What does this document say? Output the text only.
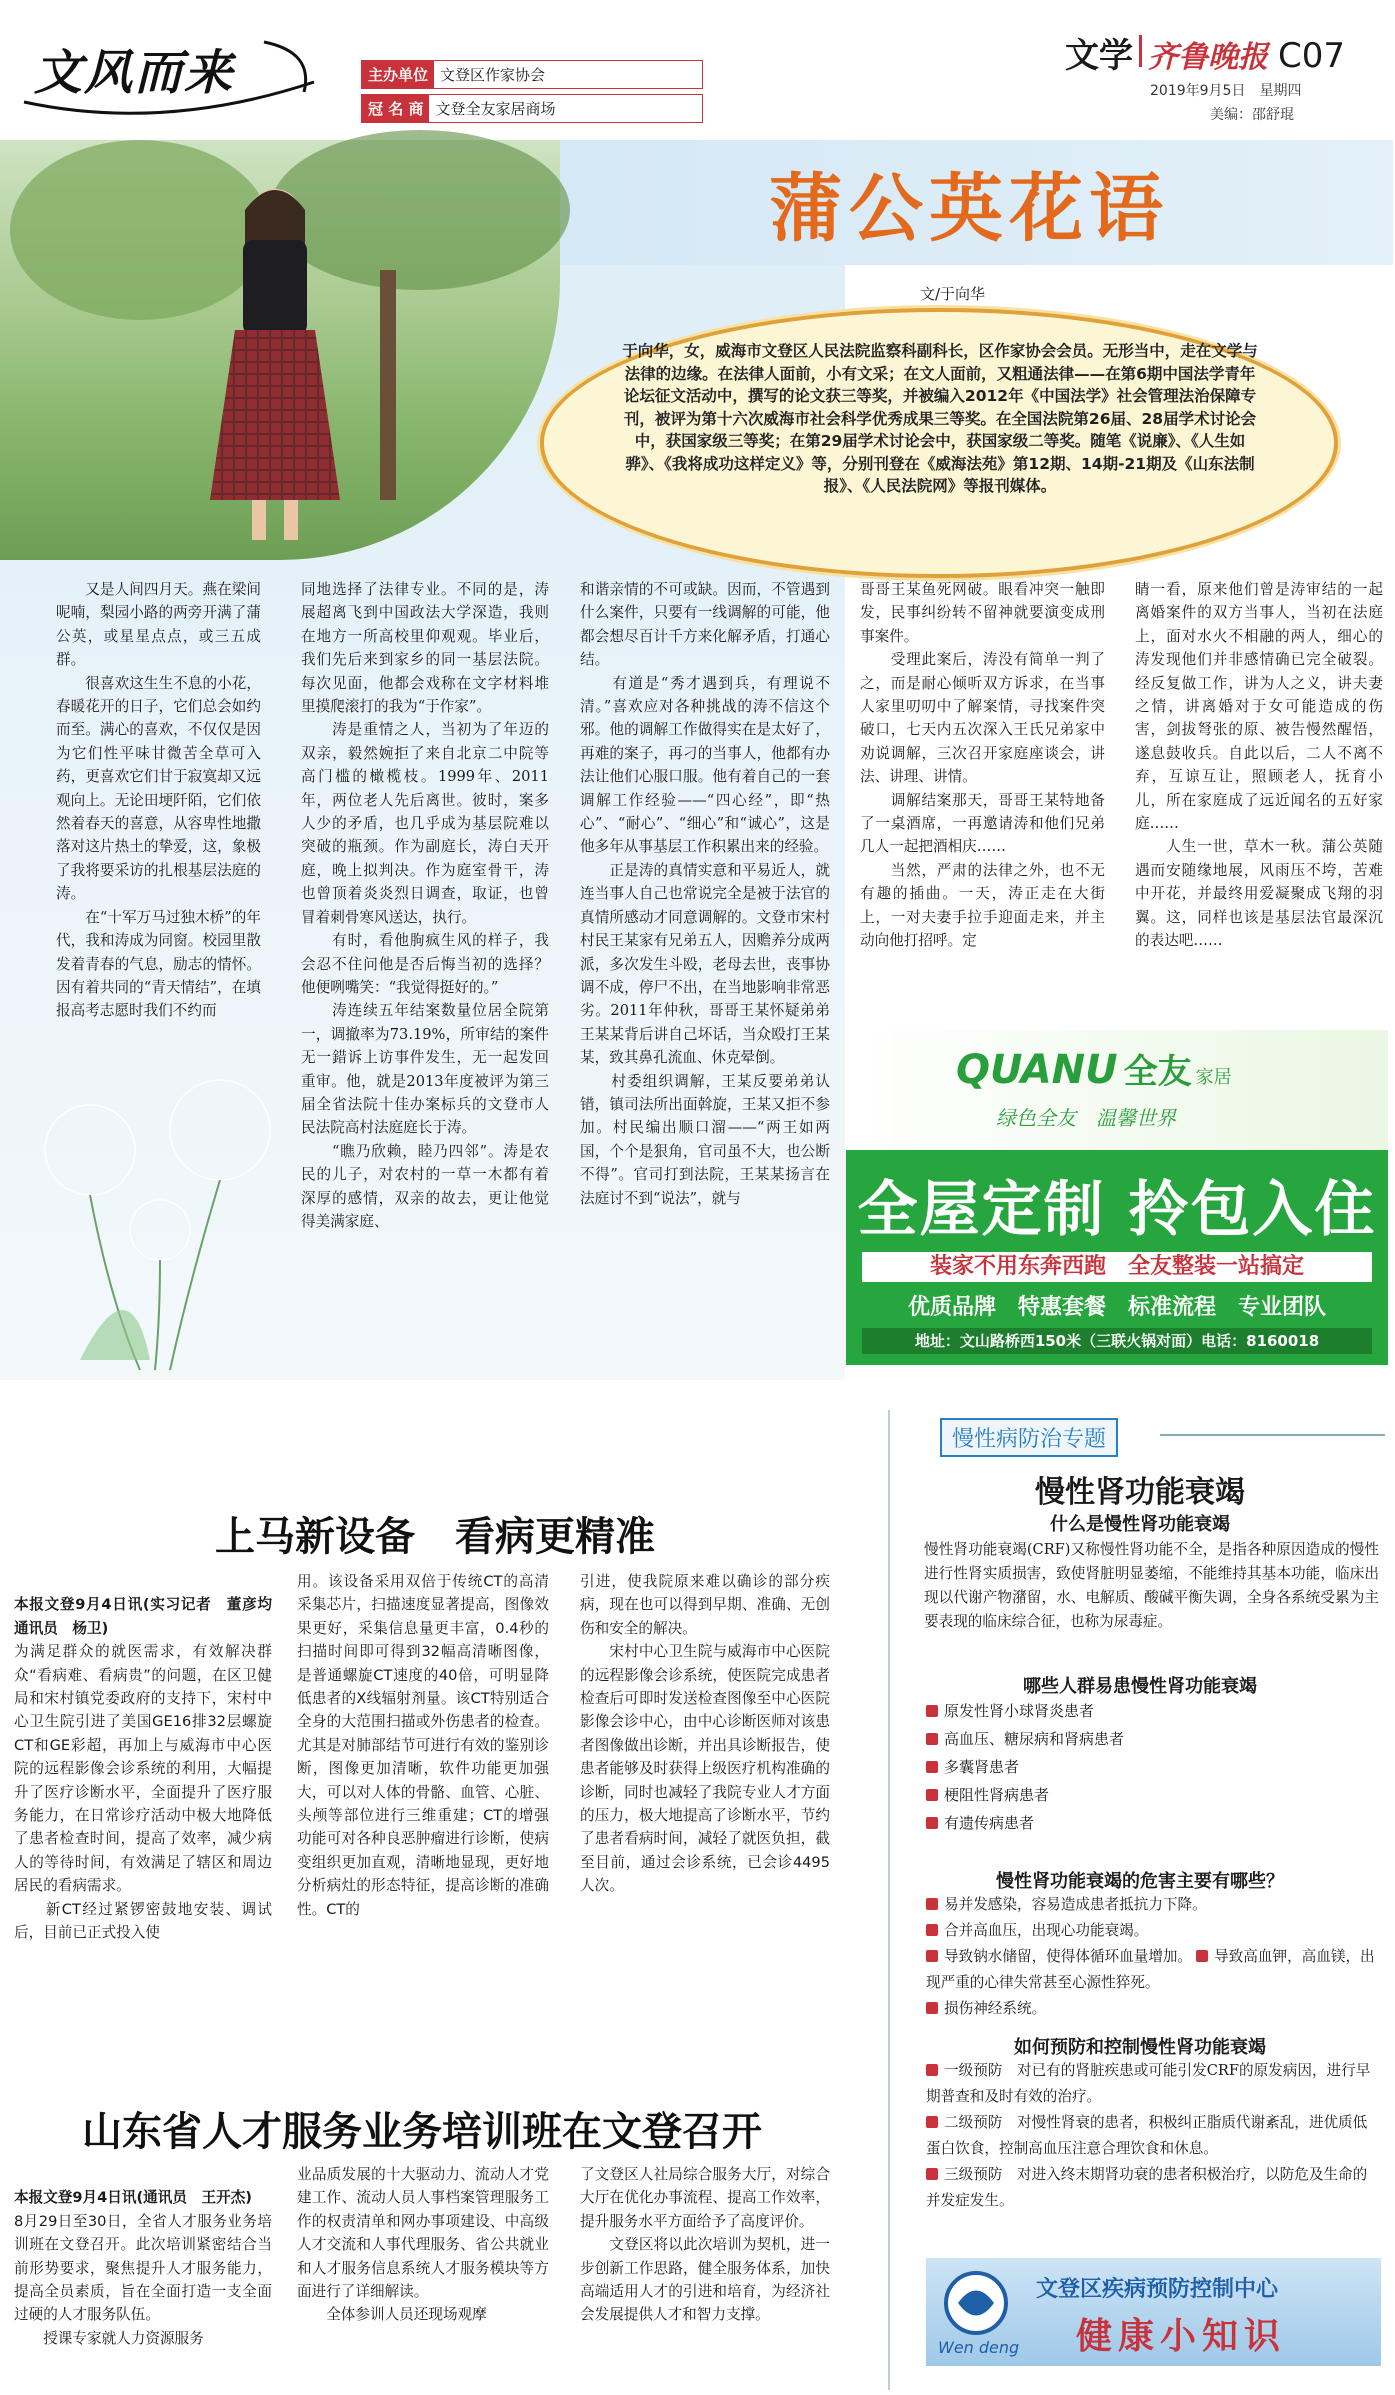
文风而来	主办单位 文登区作家协会
冠 名 商 文登全友家居商场
文学 齐鲁晚报 C07
2019年9月5日　星期四
美编：邵舒琨
蒲公英花语
文/于向华
于向华，女，威海市文登区人民法院监察科副科长，区作家协会会员。无形当中，走在文学与法律的边缘。在法律人面前，小有文采；在文人面前，又粗通法律——在第6期中国法学青年论坛征文活动中，撰写的论文获三等奖，并被编入2012年《中国法学》社会管理法治保障专刊，被评为第十六次威海市社会科学优秀成果三等奖。在全国法院第26届、28届学术讨论会中，获国家级三等奖；在第29届学术讨论会中，获国家级二等奖。随笔《说廉》、《人生如骅》、《我将成功这样定义》等，分别刊登在《威海法苑》第12期、14期-21期及《山东法制报》、《人民法院网》等报刊媒体。
　　又是人间四月天。燕在梁间呢喃，梨园小路的两旁开满了蒲公英，或星星点点，或三五成群。
　　很喜欢这生生不息的小花，春暖花开的日子，它们总会如约而至。满心的喜欢，不仅仅是因为它们性平味甘微苦全草可入药，更喜欢它们甘于寂寞却又远观向上。无论田埂阡陌，它们依然着春天的喜意，从容卑性地撒落对这片热土的挚爱，这，象极了我将要采访的扎根基层法庭的涛。
　　在“十军万马过独木桥”的年代，我和涛成为同窗。校园里散发着青春的气息，励志的情怀。因有着共同的“青天情结”，在填报高考志愿时我们不约而
同地选择了法律专业。不同的是，涛展超离飞到中国政法大学深造，我则在地方一所高校里仰观观。毕业后，我们先后来到家乡的同一基层法院。每次见面，他都会戏称在文字材料堆里摸爬滚打的我为“于作家”。
　　涛是重情之人，当初为了年迈的双亲，毅然婉拒了来自北京二中院等高门槛的橄榄枝。1999年、2011年，两位老人先后离世。彼时，案多人少的矛盾，也几乎成为基层院难以突破的瓶颈。作为副庭长，涛白天开庭，晚上拟判决。作为庭室骨干，涛也曾顶着炎炎烈日调查，取证，也曾冒着刺骨寒风送达，执行。
　　有时，看他朐疯生风的样子，我会忍不住问他是否后悔当初的选择？他便咧嘴笑：“我觉得挺好的。”
　　涛连续五年结案数量位居全院第一，调撤率为73.19%，所审结的案件无一錯诉上访事件发生，无一起发回重审。他，就是2013年度被评为第三届全省法院十佳办案标兵的文登市人民法院高村法庭庭长于涛。
　　“瞧乃欣赖，睦乃四邻”。涛是农民的儿子，对农村的一草一木都有着深厚的感情，双亲的故去，更让他觉得美满家庭、
和谐亲情的不可或缺。因而，不管遇到什么案件，只要有一线调解的可能，他都会想尽百计千方来化解矛盾，打通心结。
　　有道是“秀才遇到兵，有理说不清。”喜欢应对各种挑战的涛不信这个邪。他的调解工作做得实在是太好了，再难的案子，再刁的当事人，他都有办法让他们心服口服。他有着自己的一套调解工作经验——“四心经”，即“热心”、“耐心”、“细心”和“诚心”，这是他多年从事基层工作积累出来的经验。
　　正是涛的真情实意和平易近人，就连当事人自己也常说完全是被于法官的真情所感动才同意调解的。文登市宋村村民王某家有兄弟五人，因赡养分成两派，多次发生斗殴，老母去世，丧事协调不成，停尸不出，在当地影响非常恶劣。2011年仲秋，哥哥王某怀疑弟弟王某某背后讲自己坏话，当众殴打王某某，致其鼻孔流血、休克晕倒。
　　村委组织调解，王某反要弟弟认错，镇司法所出面斡旋，王某又拒不参加。村民编出顺口溜——“两王如两国，个个是狠角，官司虽不大，也公断不得”。官司打到法院，王某某扬言在法庭讨不到“说法”，就与
哥哥王某鱼死网破。眼看冲突一触即发，民事纠纷转不留神就要演变成刑事案件。
　　受理此案后，涛没有简单一判了之，而是耐心倾听双方诉求，在当事人家里叨叨中了解案情，寻找案件突破口，七天内五次深入王氏兄弟家中劝说调解，三次召开家庭座谈会，讲法、讲理、讲情。
　　调解结案那天，哥哥王某特地备了一桌酒席，一再邀请涛和他们兄弟几人一起把酒相庆……
　　当然，严肃的法律之外，也不无有趣的插曲。一天，涛正走在大街上，一对夫妻手拉手迎面走来，并主动向他打招呼。定
睛一看，原来他们曾是涛审结的一起离婚案件的双方当事人，当初在法庭上，面对水火不相融的两人，细心的涛发现他们并非感情确已完全破裂。经反复做工作，讲为人之义，讲夫妻之情，讲离婚对于女可能造成的伤害，剑拔弩张的原、被告慢然醒悟，遂息鼓收兵。自此以后，二人不离不弃，互谅互让，照顾老人，抚育小儿，所在家庭成了远近闻名的五好家庭……
　　人生一世，草木一秋。蒲公英随遇而安随缘地展，风雨压不垮，苦难中开花，并最终用爱凝聚成飞翔的羽翼。这，同样也该是基层法官最深沉的表达吧……
QUANU 全友 家居
绿色全友　温馨世界
全屋定制 拎包入住
装家不用东奔西跑　全友整装一站搞定
优质品牌　特惠套餐　标准流程　专业团队
地址：文山路桥西150米（三联火锅对面）电话：8160018
上马新设备　看病更精准

本报文登9月4日讯(实习记者　董彦均　通讯员　杨卫)
为满足群众的就医需求，有效解决群众“看病难、看病贵”的问题，在区卫健局和宋村镇党委政府的支持下，宋村中心卫生院引进了美国GE16排32层螺旋CT和GE彩超，再加上与威海市中心医院的远程影像会诊系统的利用，大幅提升了医疗诊断水平，全面提升了医疗服务能力，在日常诊疗活动中极大地降低了患者检查时间，提高了效率，减少病人的等待时间，有效满足了辖区和周边居民的看病需求。
　　新CT经过紧锣密鼓地安装、调试后，目前已正式投入使

用。该设备采用双倍于传统CT的高清采集芯片，扫描速度显著提高，图像效果更好，采集信息量更丰富，0.4秒的扫描时间即可得到32幅高清晰图像，是普通螺旋CT速度的40倍，可明显降低患者的X线辐射剂量。该CT特别适合全身的大范围扫描或外伤患者的检查。尤其是对肺部结节可进行有效的鉴别诊断，图像更加清晰，软件功能更加强大，可以对人体的骨骼、血管、心脏、头颅等部位进行三维重建；CT的增强功能可对各种良恶肿瘤进行诊断，使病变组织更加直观，清晰地显现，更好地分析病灶的形态特征，提高诊断的准确性。CT的
引进，使我院原来难以确诊的部分疾病，现在也可以得到早期、准确、无创伤和安全的解决。
　　宋村中心卫生院与威海市中心医院的远程影像会诊系统，使医院完成患者检查后可即时发送检查图像至中心医院影像会诊中心，由中心诊断医师对该患者图像做出诊断，并出具诊断报告，使患者能够及时获得上级医疗机构准确的诊断，同时也减轻了我院专业人才方面的压力，极大地提高了诊断水平，节约了患者看病时间，减轻了就医负担，截至目前，通过会诊系统，已会诊4495人次。
山东省人才服务业务培训班在文登召开

本报文登9月4日讯(通讯员　王开杰)
8月29日至30日，全省人才服务业务培训班在文登召开。此次培训紧密结合当前形势要求，聚焦提升人才服务能力，提高全员素质，旨在全面打造一支全面过硬的人才服务队伍。
　　授课专家就人力资源服务

业品质发展的十大驱动力、流动人才党建工作、流动人员人事档案管理服务工作的权责清单和网办事项建设、中高级人才交流和人事代理服务、省公共就业和人才服务信息系统人才服务模块等方面进行了详细解读。
　　全体参训人员还现场观摩
了文登区人社局综合服务大厅，对综合大厅在优化办事流程、提高工作效率，提升服务水平方面给予了高度评价。
　　文登区将以此次培训为契机，进一步创新工作思路，健全服务体系，加快高端适用人才的引进和培育，为经济社会发展提供人才和智力支撑。
慢性病防治专题
慢性肾功能衰竭
什么是慢性肾功能衰竭
慢性肾功能衰竭(CRF)又称慢性肾功能不全，是指各种原因造成的慢性进行性肾实质损害，致使肾脏明显萎缩，不能维持其基本功能，临床出现以代谢产物潴留，水、电解质、酸碱平衡失调，全身各系统受累为主要表现的临床综合征，也称为尿毒症。
哪些人群易患慢性肾功能衰竭
原发性肾小球肾炎患者
高血压、糖尿病和肾病患者
多囊肾患者
梗阻性肾病患者
有遗传病患者
慢性肾功能衰竭的危害主要有哪些？
易并发感染，容易造成患者抵抗力下降。
合并高血压，出现心功能衰竭。
导致钠水储留，使得体循环血量增加。 导致高血钾，高血镁，出现严重的心律失常甚至心源性猝死。
损伤神经系统。
如何预防和控制慢性肾功能衰竭
一级预防　对已有的肾脏疾患或可能引发CRF的原发病因，进行早期普查和及时有效的治疗。
二级预防　对慢性肾衰的患者，积极纠正脂质代谢紊乱，进优质低蛋白饮食，控制高血压注意合理饮食和休息。
三级预防　对进入终末期肾功衰的患者积极治疗，以防危及生命的并发症发生。
Wen deng
文登区疾病预防控制中心
健康小知识
